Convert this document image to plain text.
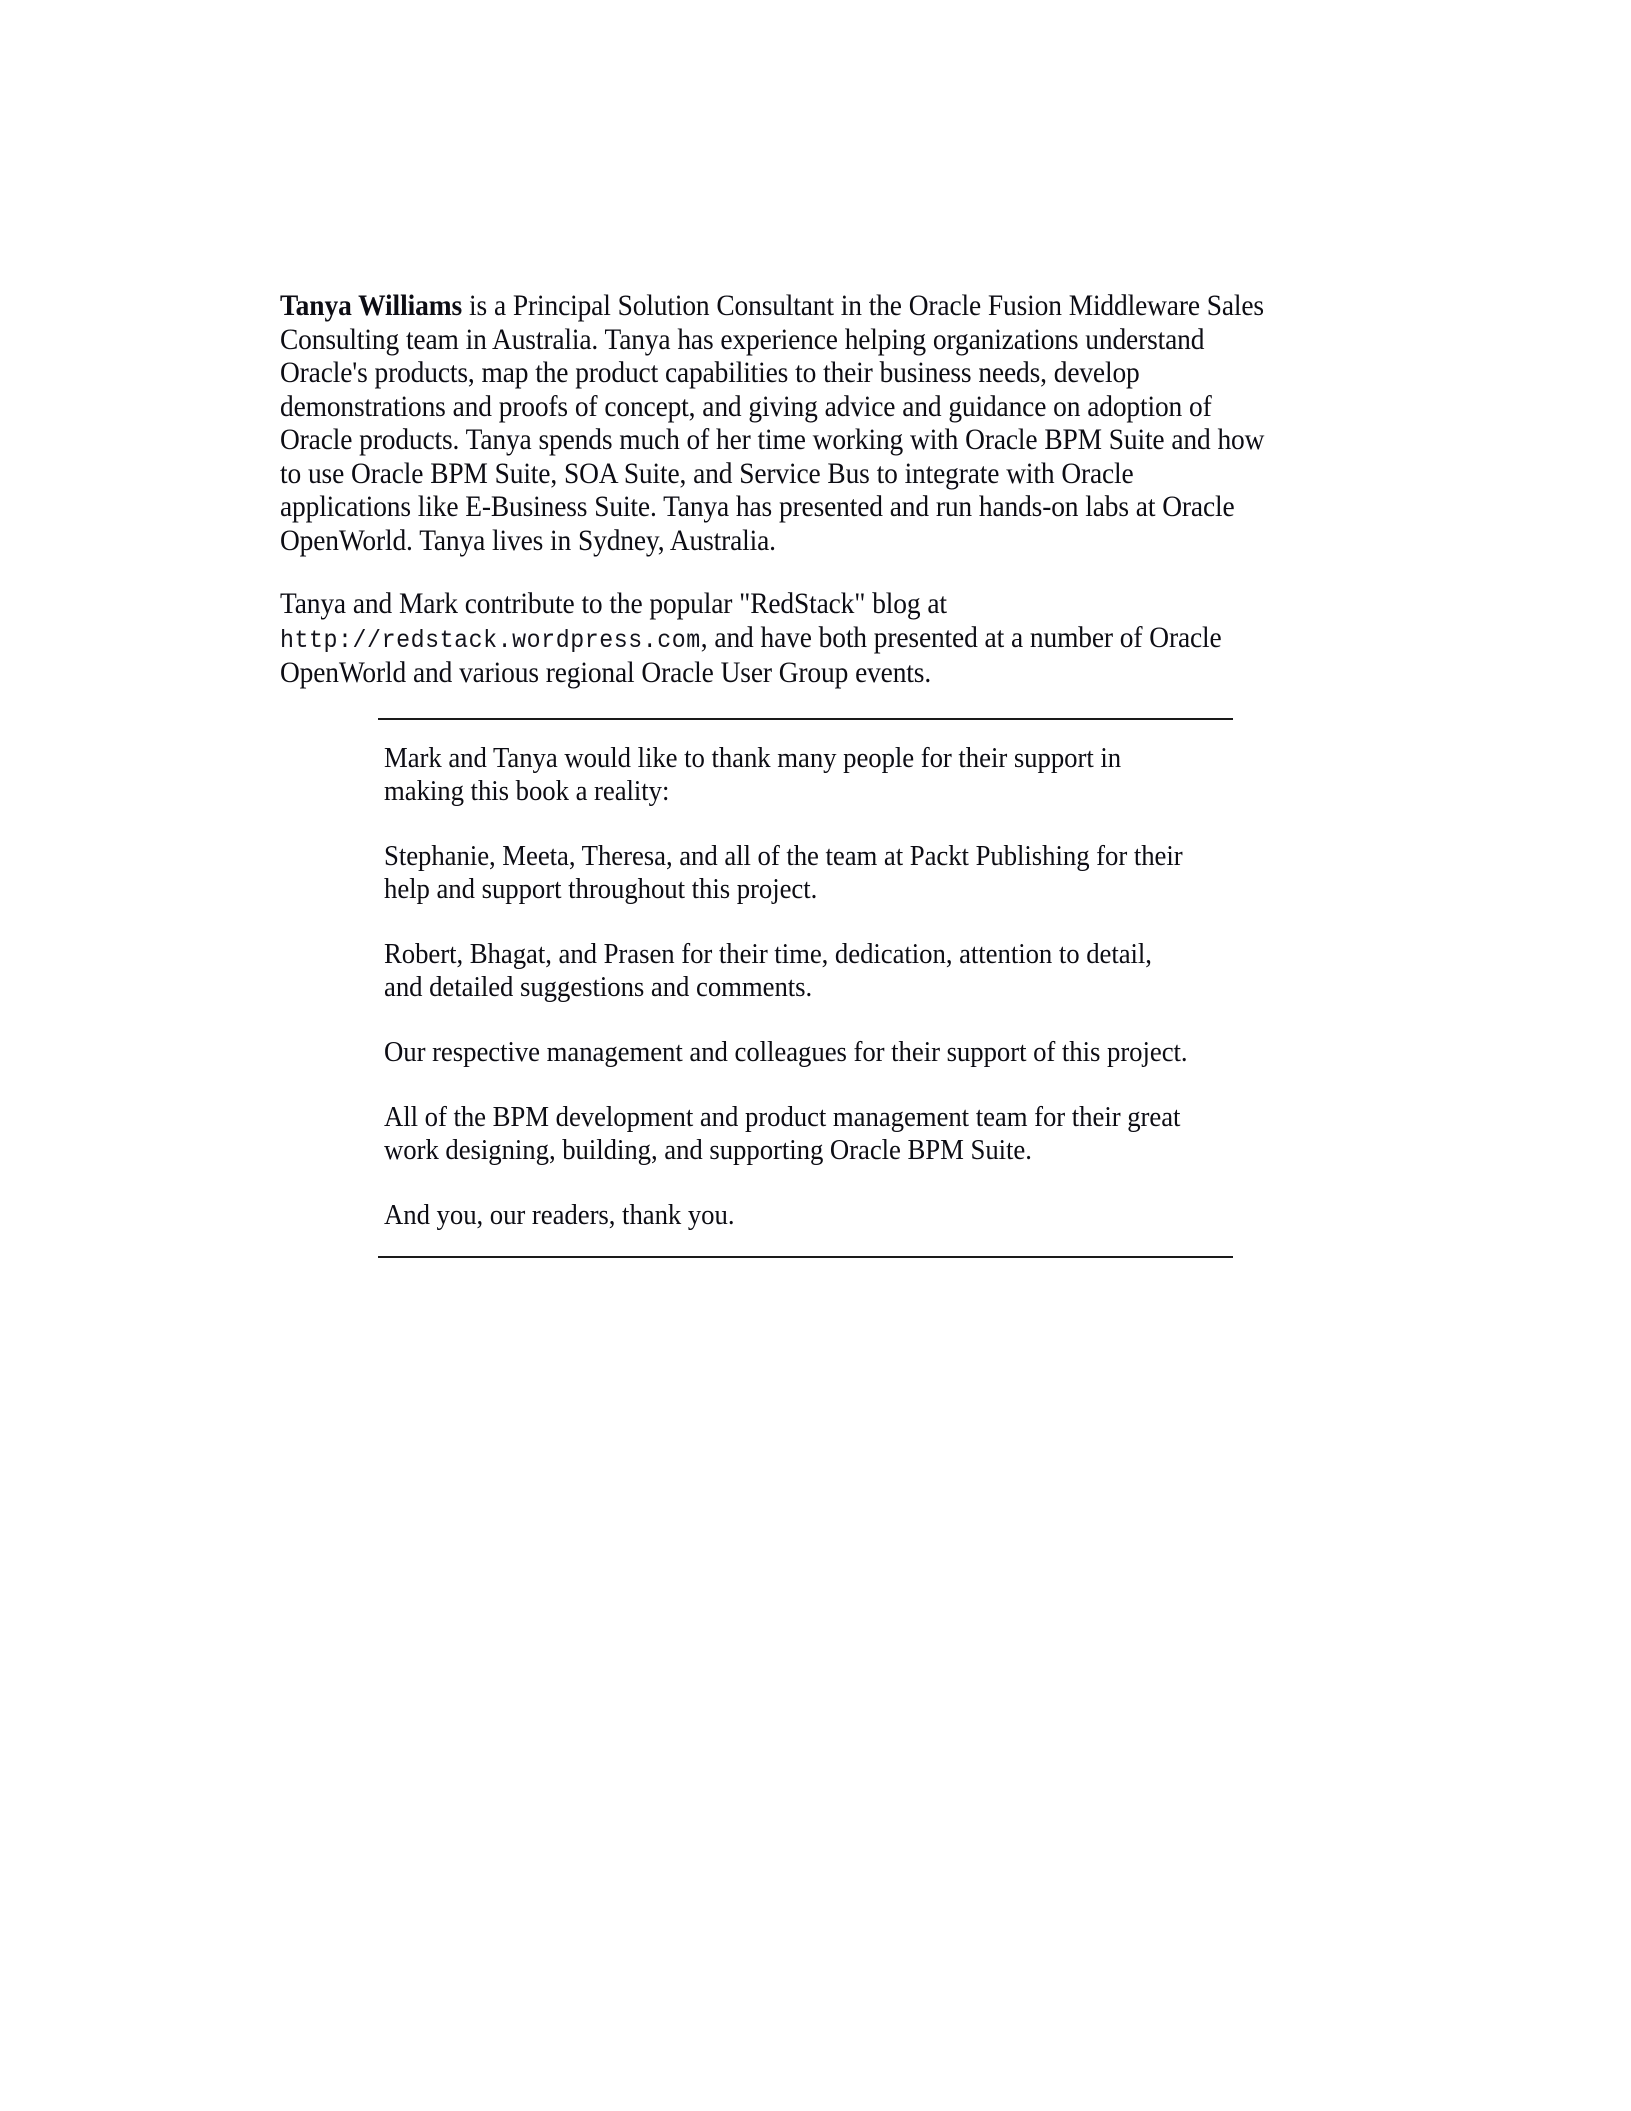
Tanya Williams is a Principal Solution Consultant in the Oracle Fusion Middleware Sales Consulting team in Australia. Tanya has experience helping organizations understand Oracle's products, map the product capabilities to their business needs, develop demonstrations and proofs of concept, and giving advice and guidance on adoption of Oracle products. Tanya spends much of her time working with Oracle BPM Suite and how to use Oracle BPM Suite, SOA Suite, and Service Bus to integrate with Oracle applications like E-Business Suite. Tanya has presented and run hands-on labs at Oracle OpenWorld. Tanya lives in Sydney, Australia.

Tanya and Mark contribute to the popular "RedStack" blog at http://redstack.wordpress.com, and have both presented at a number of Oracle OpenWorld and various regional Oracle User Group events.

Mark and Tanya would like to thank many people for their support in making this book a reality:

Stephanie, Meeta, Theresa, and all of the team at Packt Publishing for their help and support throughout this project.

Robert, Bhagat, and Prasen for their time, dedication, attention to detail, and detailed suggestions and comments.

Our respective management and colleagues for their support of this project.

All of the BPM development and product management team for their great work designing, building, and supporting Oracle BPM Suite.

And you, our readers, thank you.
